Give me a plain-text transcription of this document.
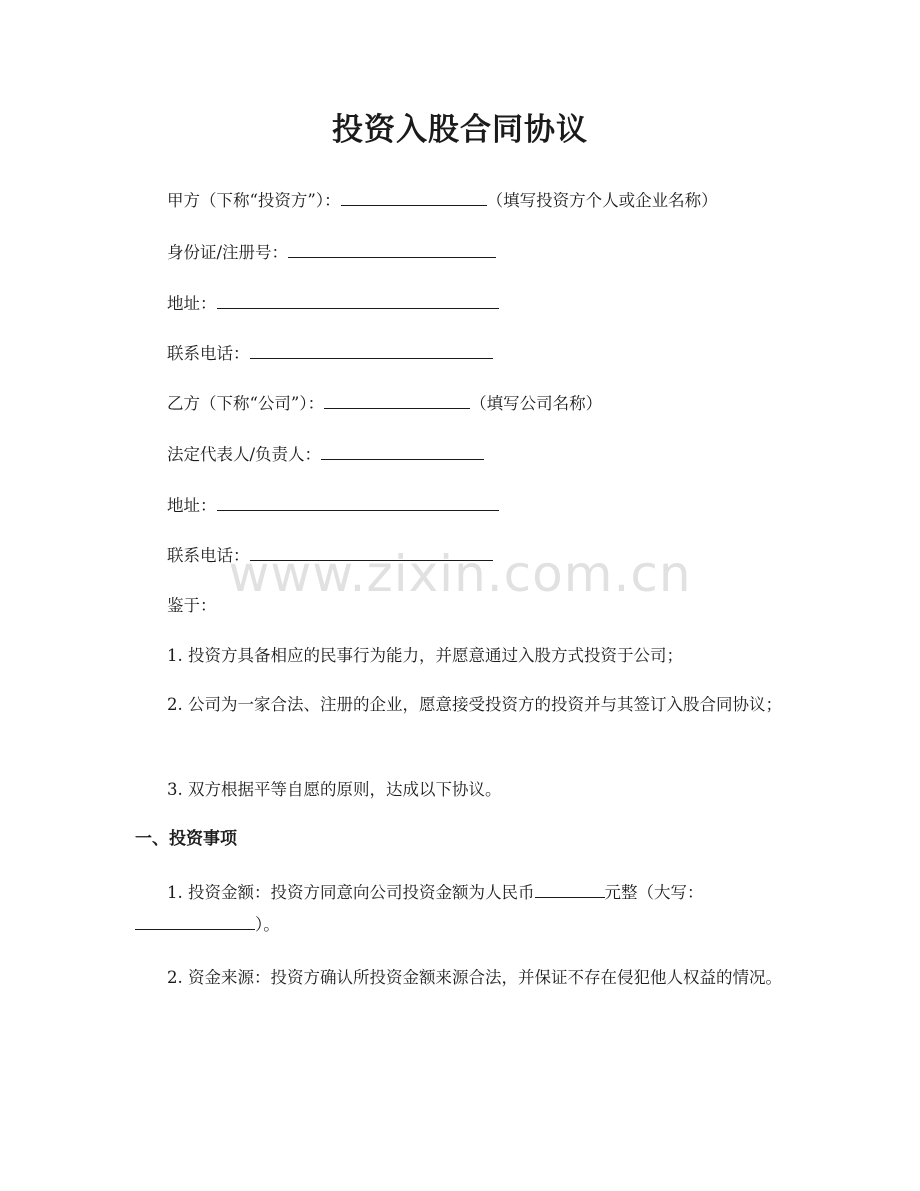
投资入股合同协议
甲方（下称“投资方”）：	（填写投资方个人或企业名称）
身份证/注册号：
地址：
联系电话：
乙方（下称“公司”）：	（填写公司名称）
法定代表人/负责人：
地址：
联系电话：
鉴于：
1. 投资方具备相应的民事行为能力，并愿意通过入股方式投资于公司；
2. 公司为一家合法、注册的企业，愿意接受投资方的投资并与其签订入股合同协议；
3. 双方根据平等自愿的原则，达成以下协议。
一、投资事项
1. 投资金额：投资方同意向公司投资金额为人民币	元整（大写：）。
2. 资金来源：投资方确认所投资金额来源合法，并保证不存在侵犯他人权益的情况。
www.zixin.com.cn
